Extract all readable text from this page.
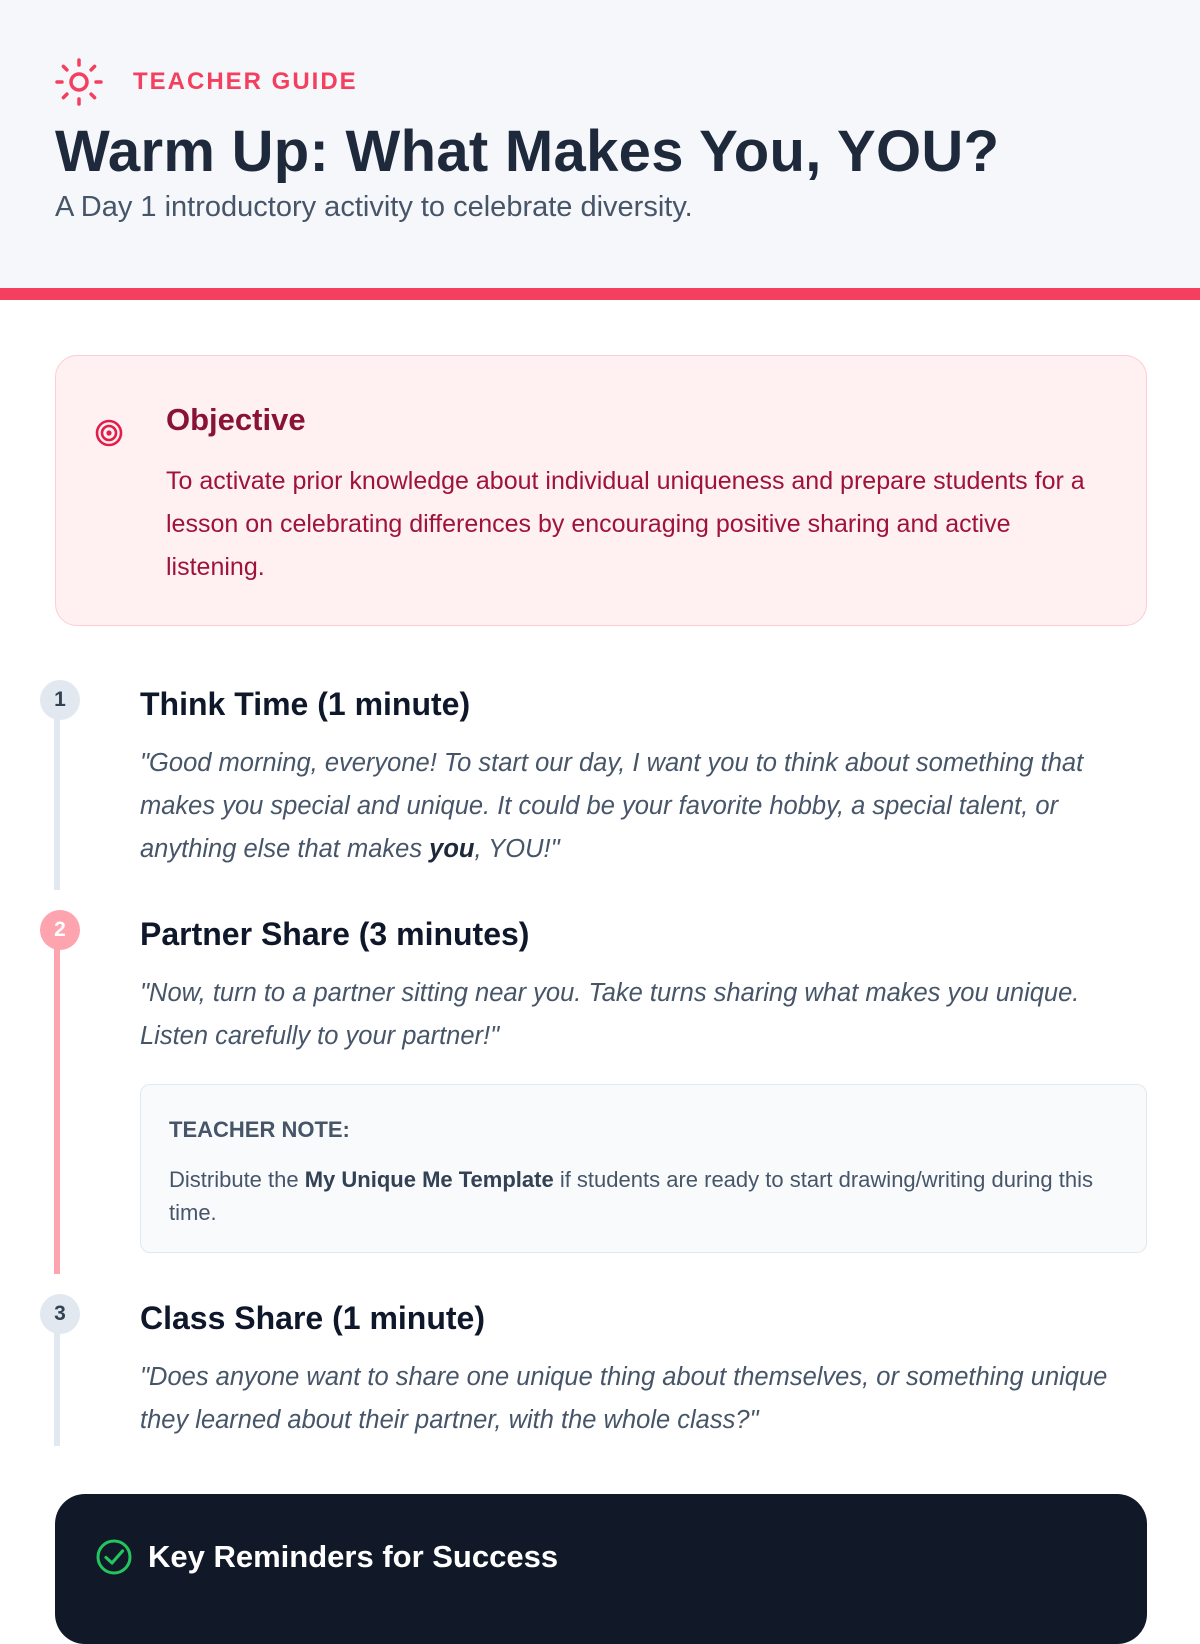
TEACHER GUIDE
Warm Up: What Makes You, YOU?

A Day 1 introductory activity to celebrate diversity.

Objective

To activate prior knowledge about individual uniqueness and prepare students for a lesson on celebrating differences by encouraging positive sharing and active listening.

1	Think Time (1 minute)

"Good morning, everyone! To start our day, I want you to think about something that makes you special and unique. It could be your favorite hobby, a special talent, or anything else that makes you, YOU!"

2	Partner Share (3 minutes)

"Now, turn to a partner sitting near you. Take turns sharing what makes you unique. Listen carefully to your partner!"

TEACHER NOTE:

Distribute the My Unique Me Template if students are ready to start drawing/writing during this time.

3	Class Share (1 minute)

"Does anyone want to share one unique thing about themselves, or something unique they learned about their partner, with the whole class?"

Key Reminders for Success
